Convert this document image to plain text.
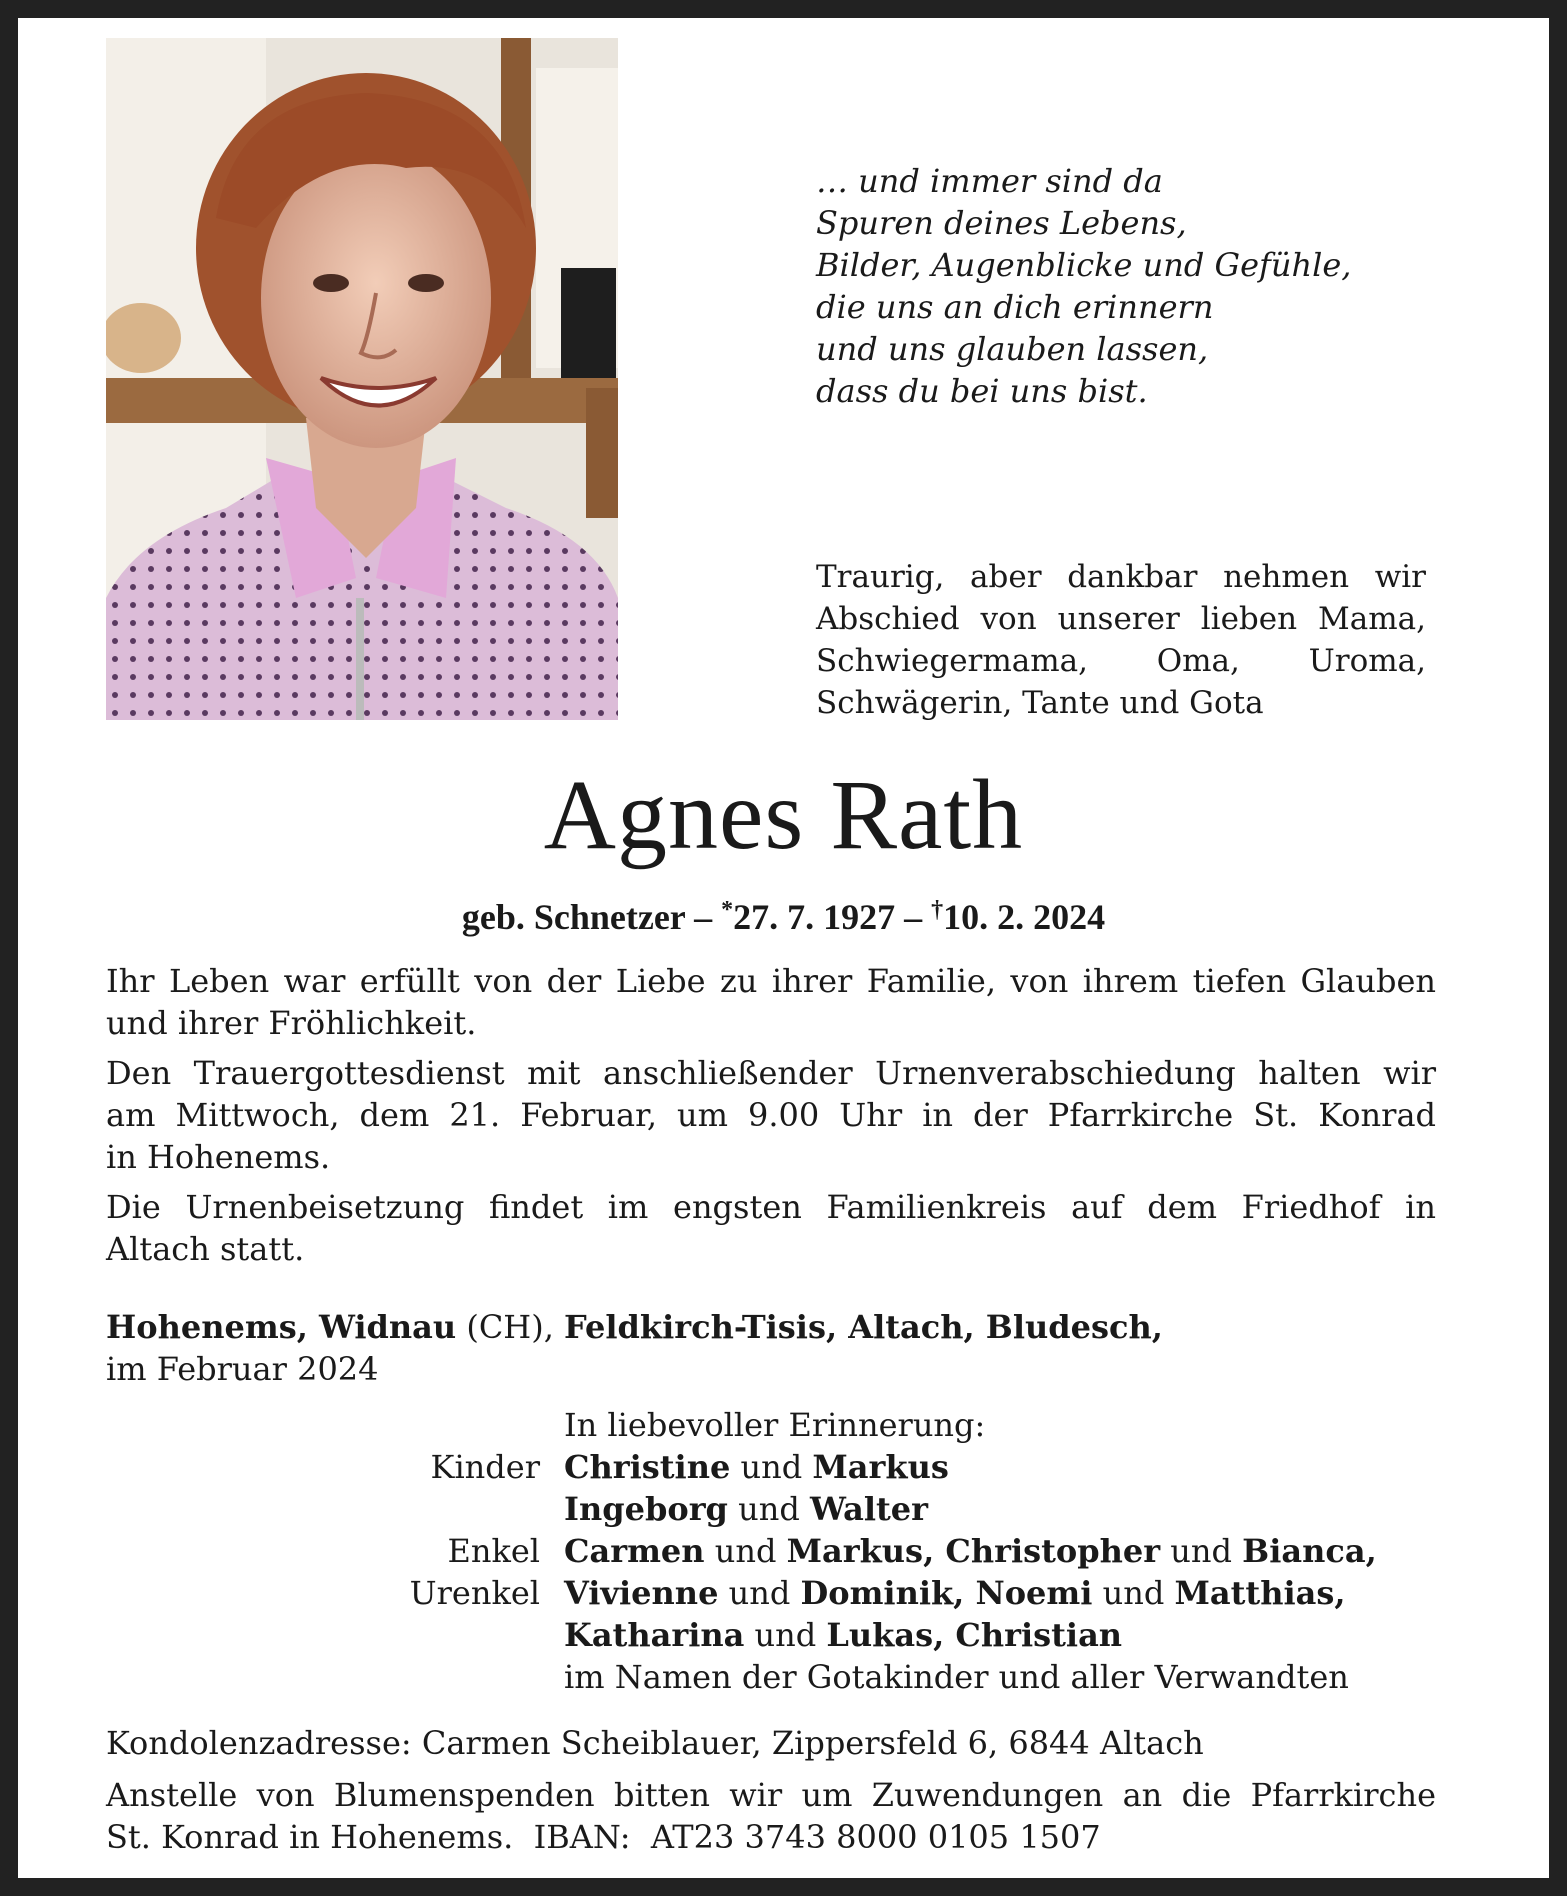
… und immer sind da
Spuren deines Lebens,
Bilder, Augenblicke und Gefühle,
die uns an dich erinnern
und uns glauben lassen,
dass du bei uns bist.
Traurig, aber dankbar nehmen wir
Abschied von unserer lieben Mama,
Schwiegermama, Oma, Uroma,
Schwägerin, Tante und Gota
Agnes Rath
geb. Schnetzer – *27. 7. 1927 – †10. 2. 2024
Ihr Leben war erfüllt von der Liebe zu ihrer Familie, von ihrem tiefen Glauben
und ihrer Fröhlichkeit.
Den Trauergottesdienst mit anschließender Urnenverabschiedung halten wir
am Mittwoch, dem 21. Februar, um 9.00 Uhr in der Pfarrkirche St. Konrad
in Hohenems.
Die Urnenbeisetzung findet im engsten Familienkreis auf dem Friedhof in
Altach statt.
Hohenems, Widnau (CH), Feldkirch-Tisis, Altach, Bludesch,
im Februar 2024
In liebevoller Erinnerung:
Kinder Christine und Markus
Ingeborg und Walter
Enkel Carmen und Markus, Christopher und Bianca,
Urenkel Vivienne und Dominik, Noemi und Matthias,
Katharina und Lukas, Christian
im Namen der Gotakinder und aller Verwandten
Kondolenzadresse: Carmen Scheiblauer, Zippersfeld 6, 6844 Altach
Anstelle von Blumenspenden bitten wir um Zuwendungen an die Pfarrkirche
St. Konrad in Hohenems.  IBAN:  AT23 3743 8000 0105 1507
